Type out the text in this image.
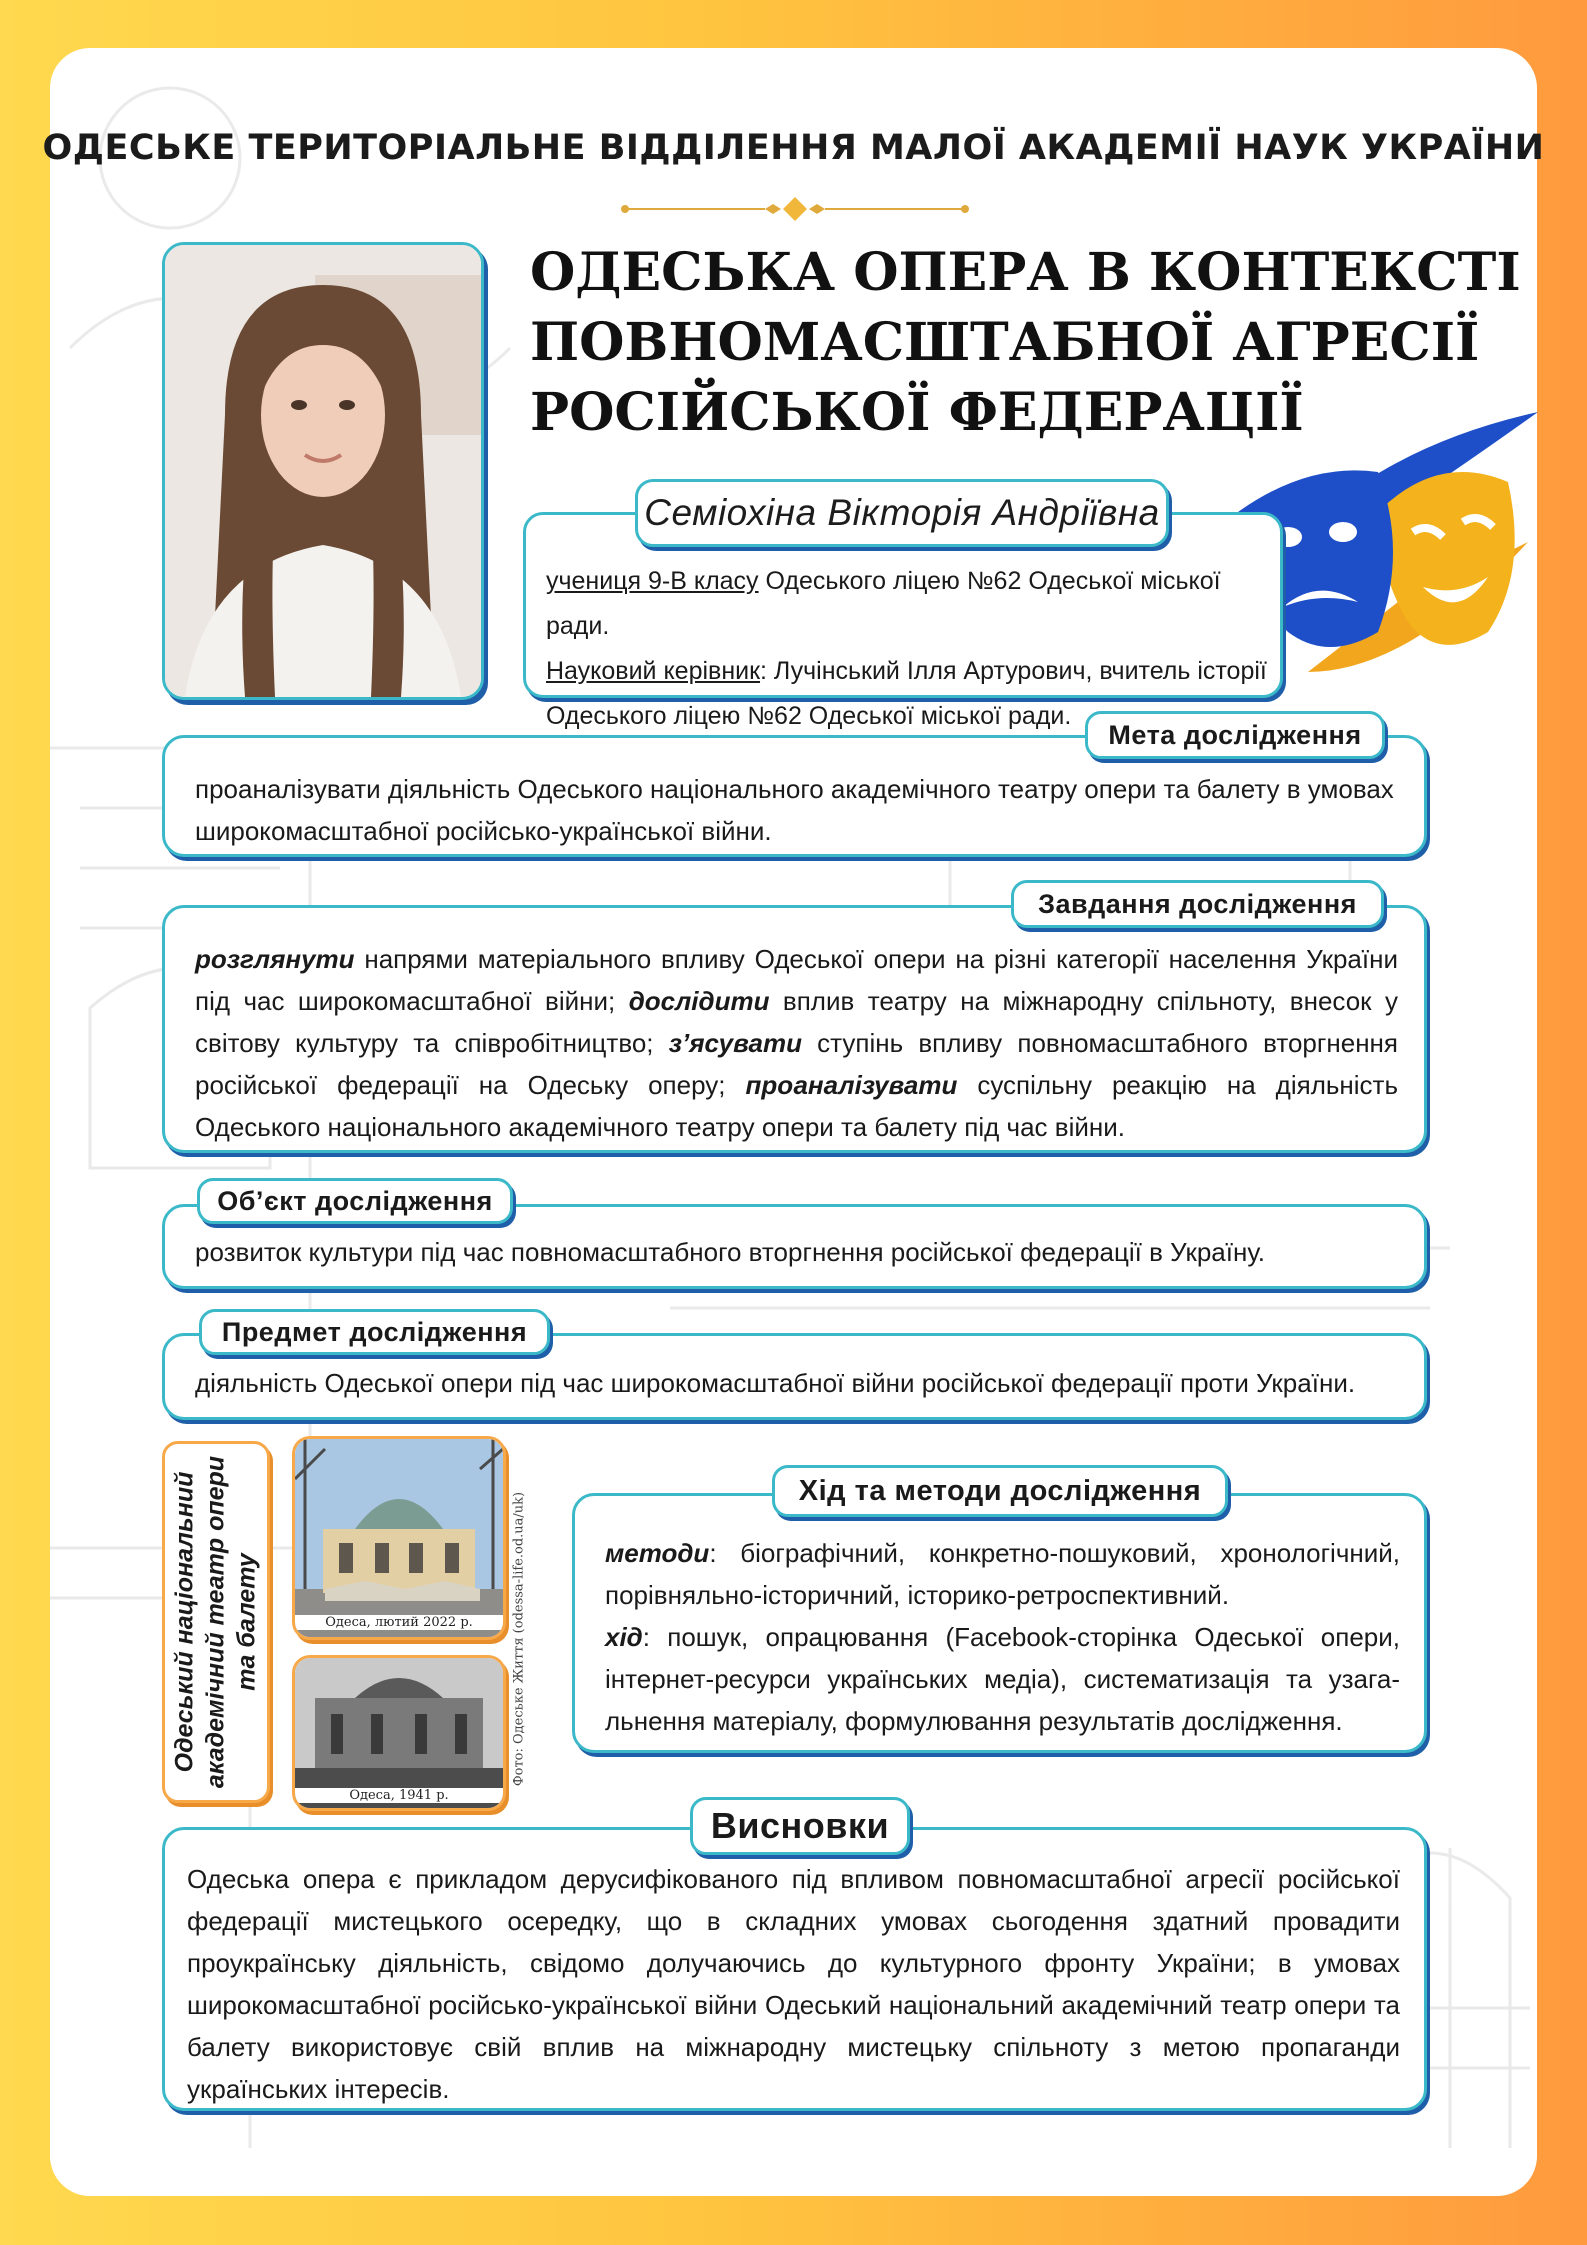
ОДЕСЬКЕ ТЕРИТОРІАЛЬНЕ ВІДДІЛЕННЯ МАЛОЇ АКАДЕМІЇ НАУК УКРАЇНИ
ОДЕСЬКА ОПЕРА В КОНТЕКСТІ
ПОВНОМАСШТАБНОЇ АГРЕСІЇ
РОСІЙСЬКОЇ ФЕДЕРАЦІЇ
учениця 9-В класу Одеського ліцею №62 Одеської міської ради.
Науковий керівник: Лучінський Ілля Артурович, вчитель історії
Одеського ліцею №62 Одеської міської ради.
Семіохіна Вікторія Андріївна
проаналізувати діяльність Одеського національного академічного театру опери та балету в умовах широкомасштабної російсько-української війни.
Мета дослідження
розглянути напрями матеріального впливу Одеської опери на різні категорії населення України під час широкомасштабної війни; дослідити вплив театру на міжнародну спільноту, внесок у світову культуру та співробітництво; з’ясувати ступінь впливу повномасштабного вторгнення російської федерації на Одеську оперу; проаналізувати суспільну реакцію на діяльність Одеського національного академічного театру опери та балету під час війни.
Завдання дослідження
розвиток культури під час повномасштабного вторгнення російської федерації в Україну.
Об’єкт дослідження
діяльність Одеської опери під час широкомасштабної війни російської федерації проти України.
Предмет дослідження
Одеський національний академічний театр опери та балету	Одеса, лютий 2022 р.
Одеса, 1941 р.
Фото: Одеське Життя (odessa-life.od.ua/uk)	методи: біографічний, конкретно-пошуковий, хронологічний, порівняльно-історичний, історико-ретроспективний.
хід: пошук, опрацювання (Facebook-сторінка Одеської опери, інтернет-ресурси українських медіа), систематизація та узага-льнення матеріалу, формулювання результатів дослідження.
Хід та методи дослідження
Одеська опера є прикладом дерусифікованого під впливом повномасштабної агресії російської федерації мистецького осередку, що в складних умовах сьогодення здатний провадити проукраїнську діяльність, свідомо долучаючись до культурного фронту України; в умовах широкомасштабної російсько-української війни Одеський національний академічний театр опери та балету використовує свій вплив на міжнародну мистецьку спільноту з метою пропаганди українських інтересів.
Висновки
